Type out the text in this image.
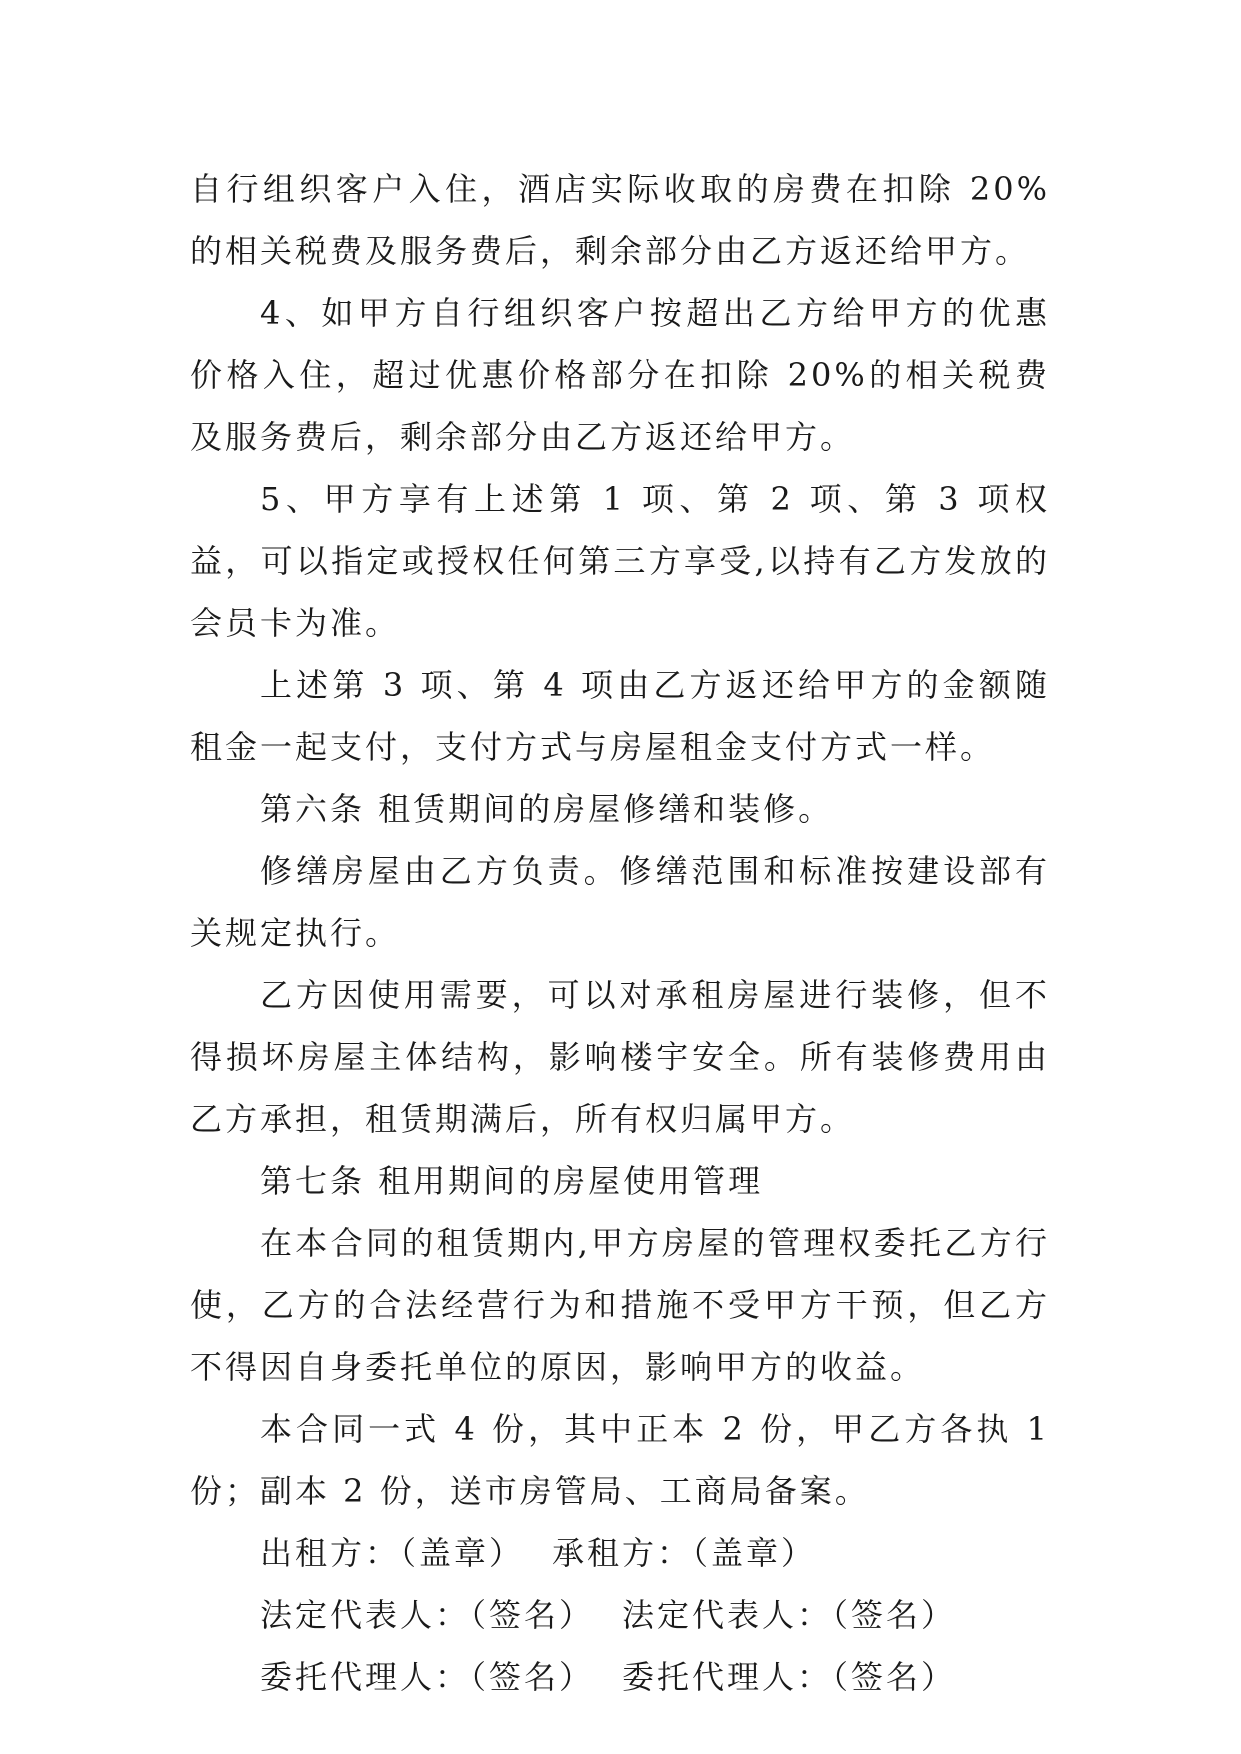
自行组织客户入住，酒店实际收取的房费在扣除 20%的相关税费及服务费后，剩余部分由乙方返还给甲方。

4、如甲方自行组织客户按超出乙方给甲方的优惠价格入住，超过优惠价格部分在扣除 20%的相关税费及服务费后，剩余部分由乙方返还给甲方。

5、甲方享有上述第 1 项、第 2 项、第 3 项权益，可以指定或授权任何第三方享受,以持有乙方发放的会员卡为准。

上述第 3 项、第 4 项由乙方返还给甲方的金额随租金一起支付，支付方式与房屋租金支付方式一样。

第六条 租赁期间的房屋修缮和装修。

修缮房屋由乙方负责。修缮范围和标准按建设部有关规定执行。

乙方因使用需要，可以对承租房屋进行装修，但不得损坏房屋主体结构，影响楼宇安全。所有装修费用由乙方承担，租赁期满后，所有权归属甲方。

第七条 租用期间的房屋使用管理

在本合同的租赁期内,甲方房屋的管理权委托乙方行使，乙方的合法经营行为和措施不受甲方干预，但乙方不得因自身委托单位的原因，影响甲方的收益。

本合同一式 4 份，其中正本 2 份，甲乙方各执 1 份；副本 2 份，送市房管局、工商局备案。

出租方：（盖章） 承租方：（盖章）
法定代表人：（签名） 法定代表人：（签名）
委托代理人：（签名） 委托代理人：（签名）
